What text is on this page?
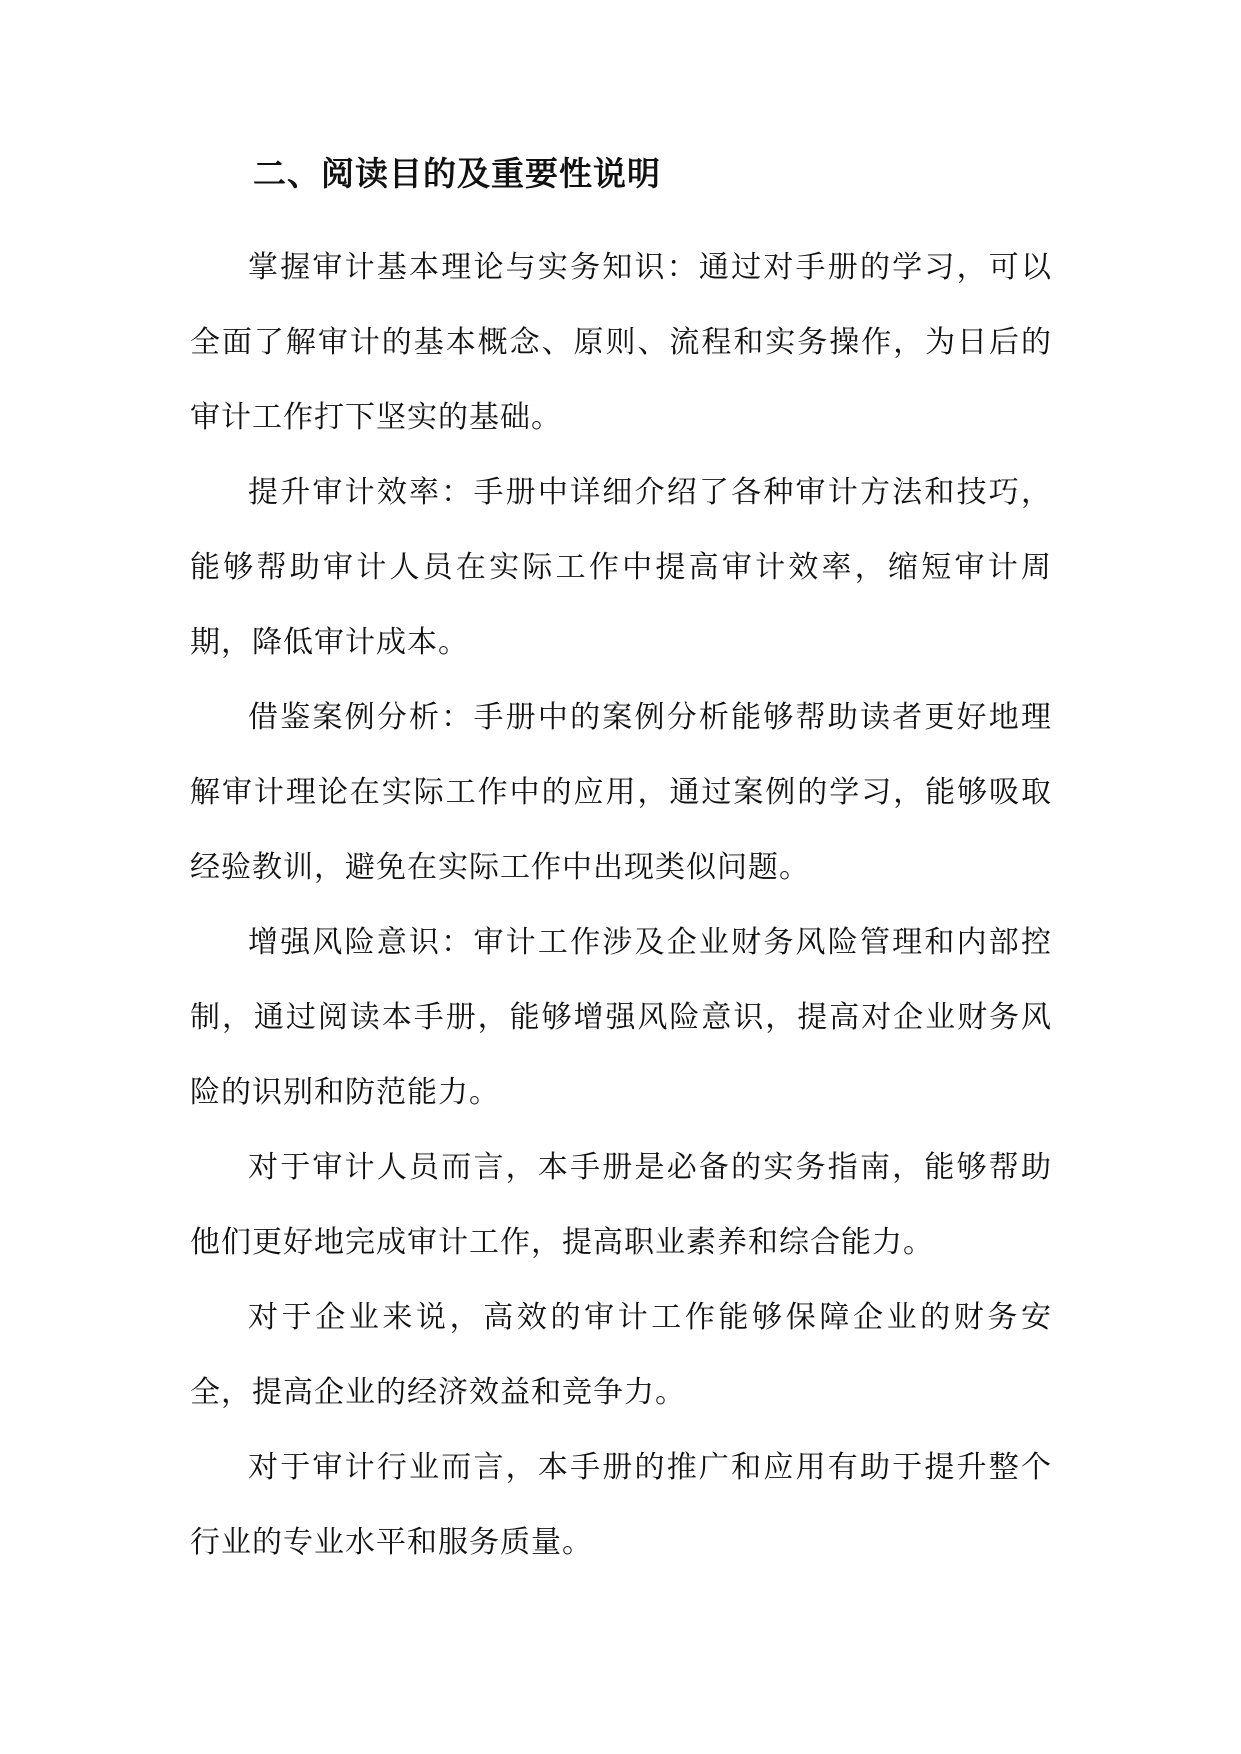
二、阅读目的及重要性说明

掌握审计基本理论与实务知识：通过对手册的学习，可以全面了解审计的基本概念、原则、流程和实务操作，为日后的审计工作打下坚实的基础。

提升审计效率：手册中详细介绍了各种审计方法和技巧，能够帮助审计人员在实际工作中提高审计效率，缩短审计周期，降低审计成本。

借鉴案例分析：手册中的案例分析能够帮助读者更好地理解审计理论在实际工作中的应用，通过案例的学习，能够吸取经验教训，避免在实际工作中出现类似问题。

增强风险意识：审计工作涉及企业财务风险管理和内部控制，通过阅读本手册，能够增强风险意识，提高对企业财务风险的识别和防范能力。

对于审计人员而言，本手册是必备的实务指南，能够帮助他们更好地完成审计工作，提高职业素养和综合能力。

对于企业来说，高效的审计工作能够保障企业的财务安全，提高企业的经济效益和竞争力。

对于审计行业而言，本手册的推广和应用有助于提升整个行业的专业水平和服务质量。
